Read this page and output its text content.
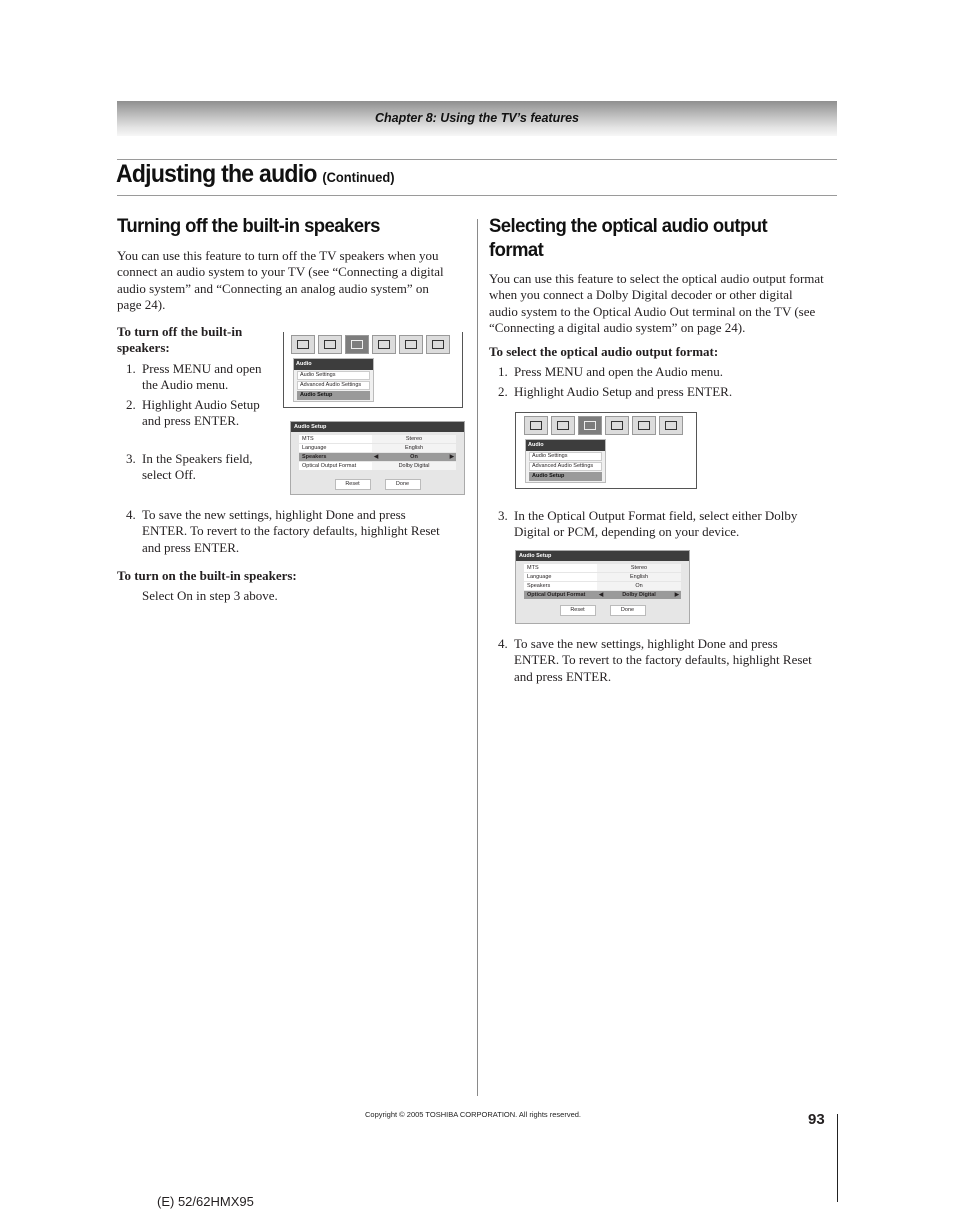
Chapter 8: Using the TV’s features
Adjusting the audio (Continued)
Turning off the built-in speakers
You can use this feature to turn off the TV speakers when you
connect an audio system to your TV (see “Connecting a digital
audio system” and “Connecting an analog audio system” on
page 24).
To turn off the built-in
speakers:
1. Press MENU and open
the Audio menu.
2. Highlight Audio Setup
and press ENTER.
3. In the Speakers field,
select Off.
Audio
Audio Settings
Advanced Audio Settings
Audio Setup
Audio Setup
MTS	Stereo
Language	English
Speakers	◀	On	▶
Optical Output Format	Dolby Digital
Reset	Done
4. To save the new settings, highlight Done and press
ENTER. To revert to the factory defaults, highlight Reset
and press ENTER.
To turn on the built-in speakers:
Select On in step 3 above.
Selecting the optical audio output
format
You can use this feature to select the optical audio output format
when you connect a Dolby Digital decoder or other digital
audio system to the Optical Audio Out terminal on the TV (see
“Connecting a digital audio system” on page 24).
To select the optical audio output format:
1. Press MENU and open the Audio menu.
2. Highlight Audio Setup and press ENTER.
Audio
Audio Settings
Advanced Audio Settings
Audio Setup
3. In the Optical Output Format field, select either Dolby
Digital or PCM, depending on your device.
Audio Setup
MTS	Stereo
Language	English
Speakers	On
Optical Output Format	◀	Dolby Digital	▶
Reset	Done
4. To save the new settings, highlight Done and press
ENTER. To revert to the factory defaults, highlight Reset
and press ENTER.
Copyright © 2005 TOSHIBA CORPORATION. All rights reserved.	93
(E) 52/62HMX95
